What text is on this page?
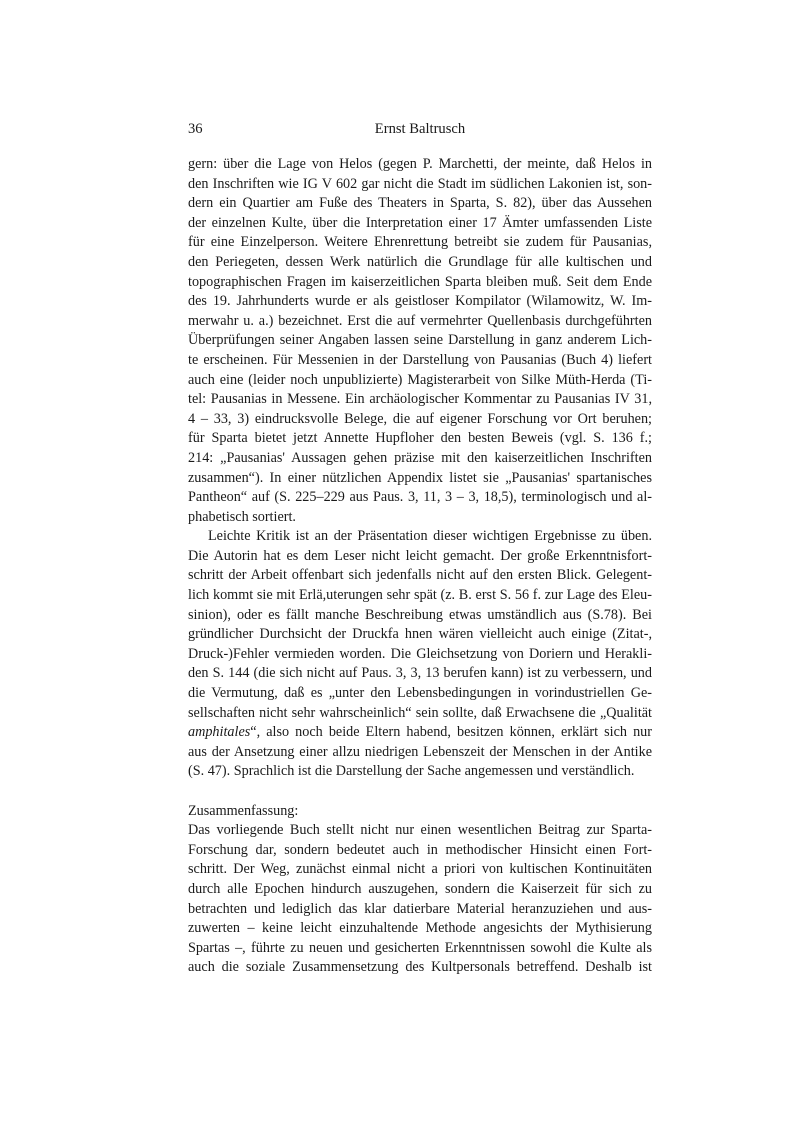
36	Ernst Baltrusch
gern: über die Lage von Helos (gegen P. Marchetti, der meinte, daß Helos in
den Inschriften wie IG V 602 gar nicht die Stadt im südlichen Lakonien ist, son-
dern ein Quartier am Fuße des Theaters in Sparta, S. 82), über das Aussehen
der einzelnen Kulte, über die Interpretation einer 17 Ämter umfassenden Liste
für eine Einzelperson. Weitere Ehrenrettung betreibt sie zudem für Pausanias,
den Periegeten, dessen Werk natürlich die Grundlage für alle kultischen und
topographischen Fragen im kaiserzeitlichen Sparta bleiben muß. Seit dem Ende
des 19. Jahrhunderts wurde er als geistloser Kompilator (Wilamowitz, W. Im-
merwahr u. a.) bezeichnet. Erst die auf vermehrter Quellenbasis durchgeführten
Überprüfungen seiner Angaben lassen seine Darstellung in ganz anderem Lich-
te erscheinen. Für Messenien in der Darstellung von Pausanias (Buch 4) liefert
auch eine (leider noch unpublizierte) Magisterarbeit von Silke Müth-Herda (Ti-
tel: Pausanias in Messene. Ein archäologischer Kommentar zu Pausanias IV 31,
4 – 33, 3) eindrucksvolle Belege, die auf eigener Forschung vor Ort beruhen;
für Sparta bietet jetzt Annette Hupfloher den besten Beweis (vgl. S. 136 f.;
214: „Pausanias' Aussagen gehen präzise mit den kaiserzeitlichen Inschriften
zusammen“). In einer nützlichen Appendix listet sie „Pausanias' spartanisches
Pantheon“ auf (S. 225–229 aus Paus. 3, 11, 3 – 3, 18,5), terminologisch und al-
phabetisch sortiert.
Leichte Kritik ist an der Präsentation dieser wichtigen Ergebnisse zu üben.
Die Autorin hat es dem Leser nicht leicht gemacht. Der große Erkenntnisfort-
schritt der Arbeit offenbart sich jedenfalls nicht auf den ersten Blick. Gelegent-
lich kommt sie mit Erlä,uterungen sehr spät (z. B. erst S. 56 f. zur Lage des Eleu-
sinion), oder es fällt manche Beschreibung etwas umständlich aus (S.78). Bei
gründlicher Durchsicht der Druckfa hnen wären vielleicht auch einige (Zitat-,
Druck-)Fehler vermieden worden. Die Gleichsetzung von Doriern und Herakli-
den S. 144 (die sich nicht auf Paus. 3, 3, 13 berufen kann) ist zu verbessern, und
die Vermutung, daß es „unter den Lebensbedingungen in vorindustriellen Ge-
sellschaften nicht sehr wahrscheinlich“ sein sollte, daß Erwachsene die „Qualität
amphitales“, also noch beide Eltern habend, besitzen können, erklärt sich nur
aus der Ansetzung einer allzu niedrigen Lebenszeit der Menschen in der Antike
(S. 47). Sprachlich ist die Darstellung der Sache angemessen und verständlich.
Zusammenfassung:
Das vorliegende Buch stellt nicht nur einen wesentlichen Beitrag zur Sparta-
Forschung dar, sondern bedeutet auch in methodischer Hinsicht einen Fort-
schritt. Der Weg, zunächst einmal nicht a priori von kultischen Kontinuitäten
durch alle Epochen hindurch auszugehen, sondern die Kaiserzeit für sich zu
betrachten und lediglich das klar datierbare Material heranzuziehen und aus-
zuwerten – keine leicht einzuhaltende Methode angesichts der Mythisierung
Spartas –, führte zu neuen und gesicherten Erkenntnissen sowohl die Kulte als
auch die soziale Zusammensetzung des Kultpersonals betreffend. Deshalb ist
